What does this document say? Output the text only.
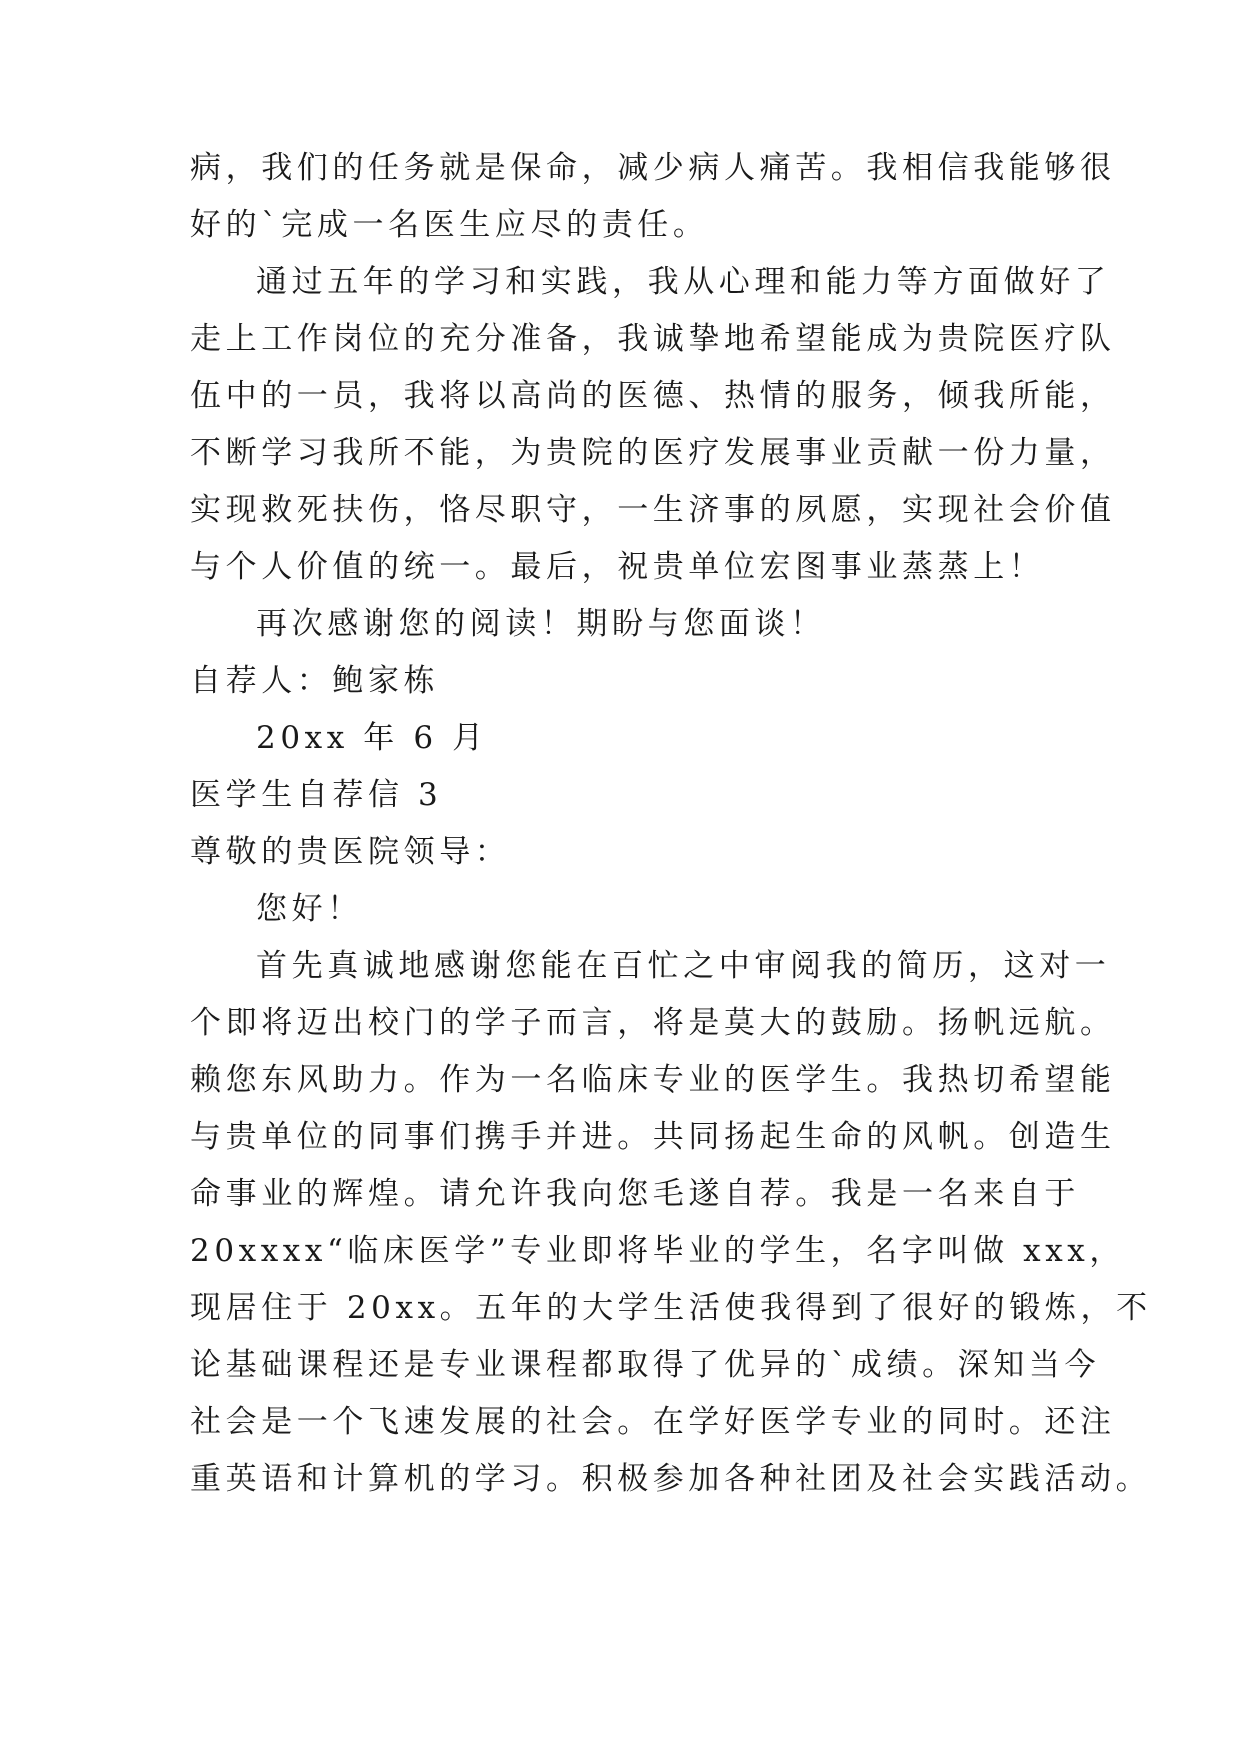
病，我们的任务就是保命，减少病人痛苦。我相信我能够很
好的`完成一名医生应尽的责任。
通过五年的学习和实践，我从心理和能力等方面做好了
走上工作岗位的充分准备，我诚挚地希望能成为贵院医疗队
伍中的一员，我将以高尚的医德、热情的服务，倾我所能，
不断学习我所不能，为贵院的医疗发展事业贡献一份力量，
实现救死扶伤，恪尽职守，一生济事的夙愿，实现社会价值
与个人价值的统一。最后，祝贵单位宏图事业蒸蒸上！
再次感谢您的阅读！期盼与您面谈！
自荐人：鲍家栋
20xx 年 6 月
医学生自荐信 3
尊敬的贵医院领导：
您好！
首先真诚地感谢您能在百忙之中审阅我的简历，这对一
个即将迈出校门的学子而言，将是莫大的鼓励。扬帆远航。
赖您东风助力。作为一名临床专业的医学生。我热切希望能
与贵单位的同事们携手并进。共同扬起生命的风帆。创造生
命事业的辉煌。请允许我向您毛遂自荐。我是一名来自于
20xxxx“临床医学”专业即将毕业的学生，名字叫做 xxx，
现居住于 20xx。五年的大学生活使我得到了很好的锻炼，不
论基础课程还是专业课程都取得了优异的`成绩。深知当今
社会是一个飞速发展的社会。在学好医学专业的同时。还注
重英语和计算机的学习。积极参加各种社团及社会实践活动。
